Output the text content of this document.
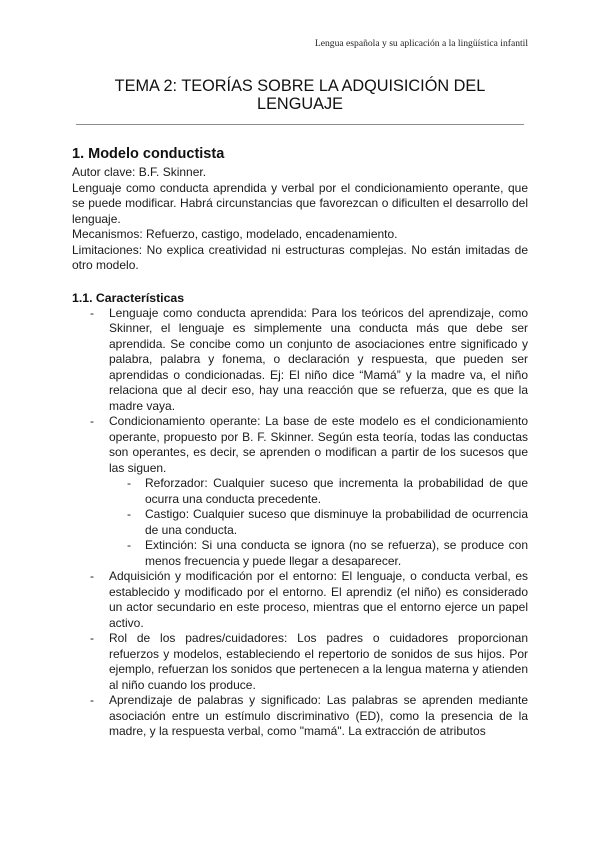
Lengua española y su aplicación a la lingüística infantil
TEMA 2: TEORÍAS SOBRE LA ADQUISICIÓN DEL LENGUAJE
1. Modelo conductista

Autor clave: B.F. Skinner.

Lenguaje como conducta aprendida y verbal por el condicionamiento operante, que se puede modificar. Habrá circunstancias que favorezcan o dificulten el desarrollo del lenguaje.

Mecanismos: Refuerzo, castigo, modelado, encadenamiento.

Limitaciones: No explica creatividad ni estructuras complejas. No están imitadas de otro modelo.

1.1. Características
- Lenguaje como conducta aprendida: Para los teóricos del aprendizaje, como Skinner, el lenguaje es simplemente una conducta más que debe ser aprendida. Se concibe como un conjunto de asociaciones entre significado y palabra, palabra y fonema, o declaración y respuesta, que pueden ser aprendidas o condicionadas. Ej: El niño dice “Mamá” y la madre va, el niño relaciona que al decir eso, hay una reacción que se refuerza, que es que la madre vaya.
- Condicionamiento operante: La base de este modelo es el condicionamiento operante, propuesto por B. F. Skinner. Según esta teoría, todas las conductas son operantes, es decir, se aprenden o modifican a partir de los sucesos que las siguen.
- Reforzador: Cualquier suceso que incrementa la probabilidad de que ocurra una conducta precedente.
- Castigo: Cualquier suceso que disminuye la probabilidad de ocurrencia de una conducta.
- Extinción: Si una conducta se ignora (no se refuerza), se produce con menos frecuencia y puede llegar a desaparecer.
- Adquisición y modificación por el entorno: El lenguaje, o conducta verbal, es establecido y modificado por el entorno. El aprendiz (el niño) es considerado un actor secundario en este proceso, mientras que el entorno ejerce un papel activo.
- Rol de los padres/cuidadores: Los padres o cuidadores proporcionan refuerzos y modelos, estableciendo el repertorio de sonidos de sus hijos. Por ejemplo, refuerzan los sonidos que pertenecen a la lengua materna y atienden al niño cuando los produce.
- Aprendizaje de palabras y significado: Las palabras se aprenden mediante asociación entre un estímulo discriminativo (ED), como la presencia de la madre, y la respuesta verbal, como "mamá". La extracción de atributos
